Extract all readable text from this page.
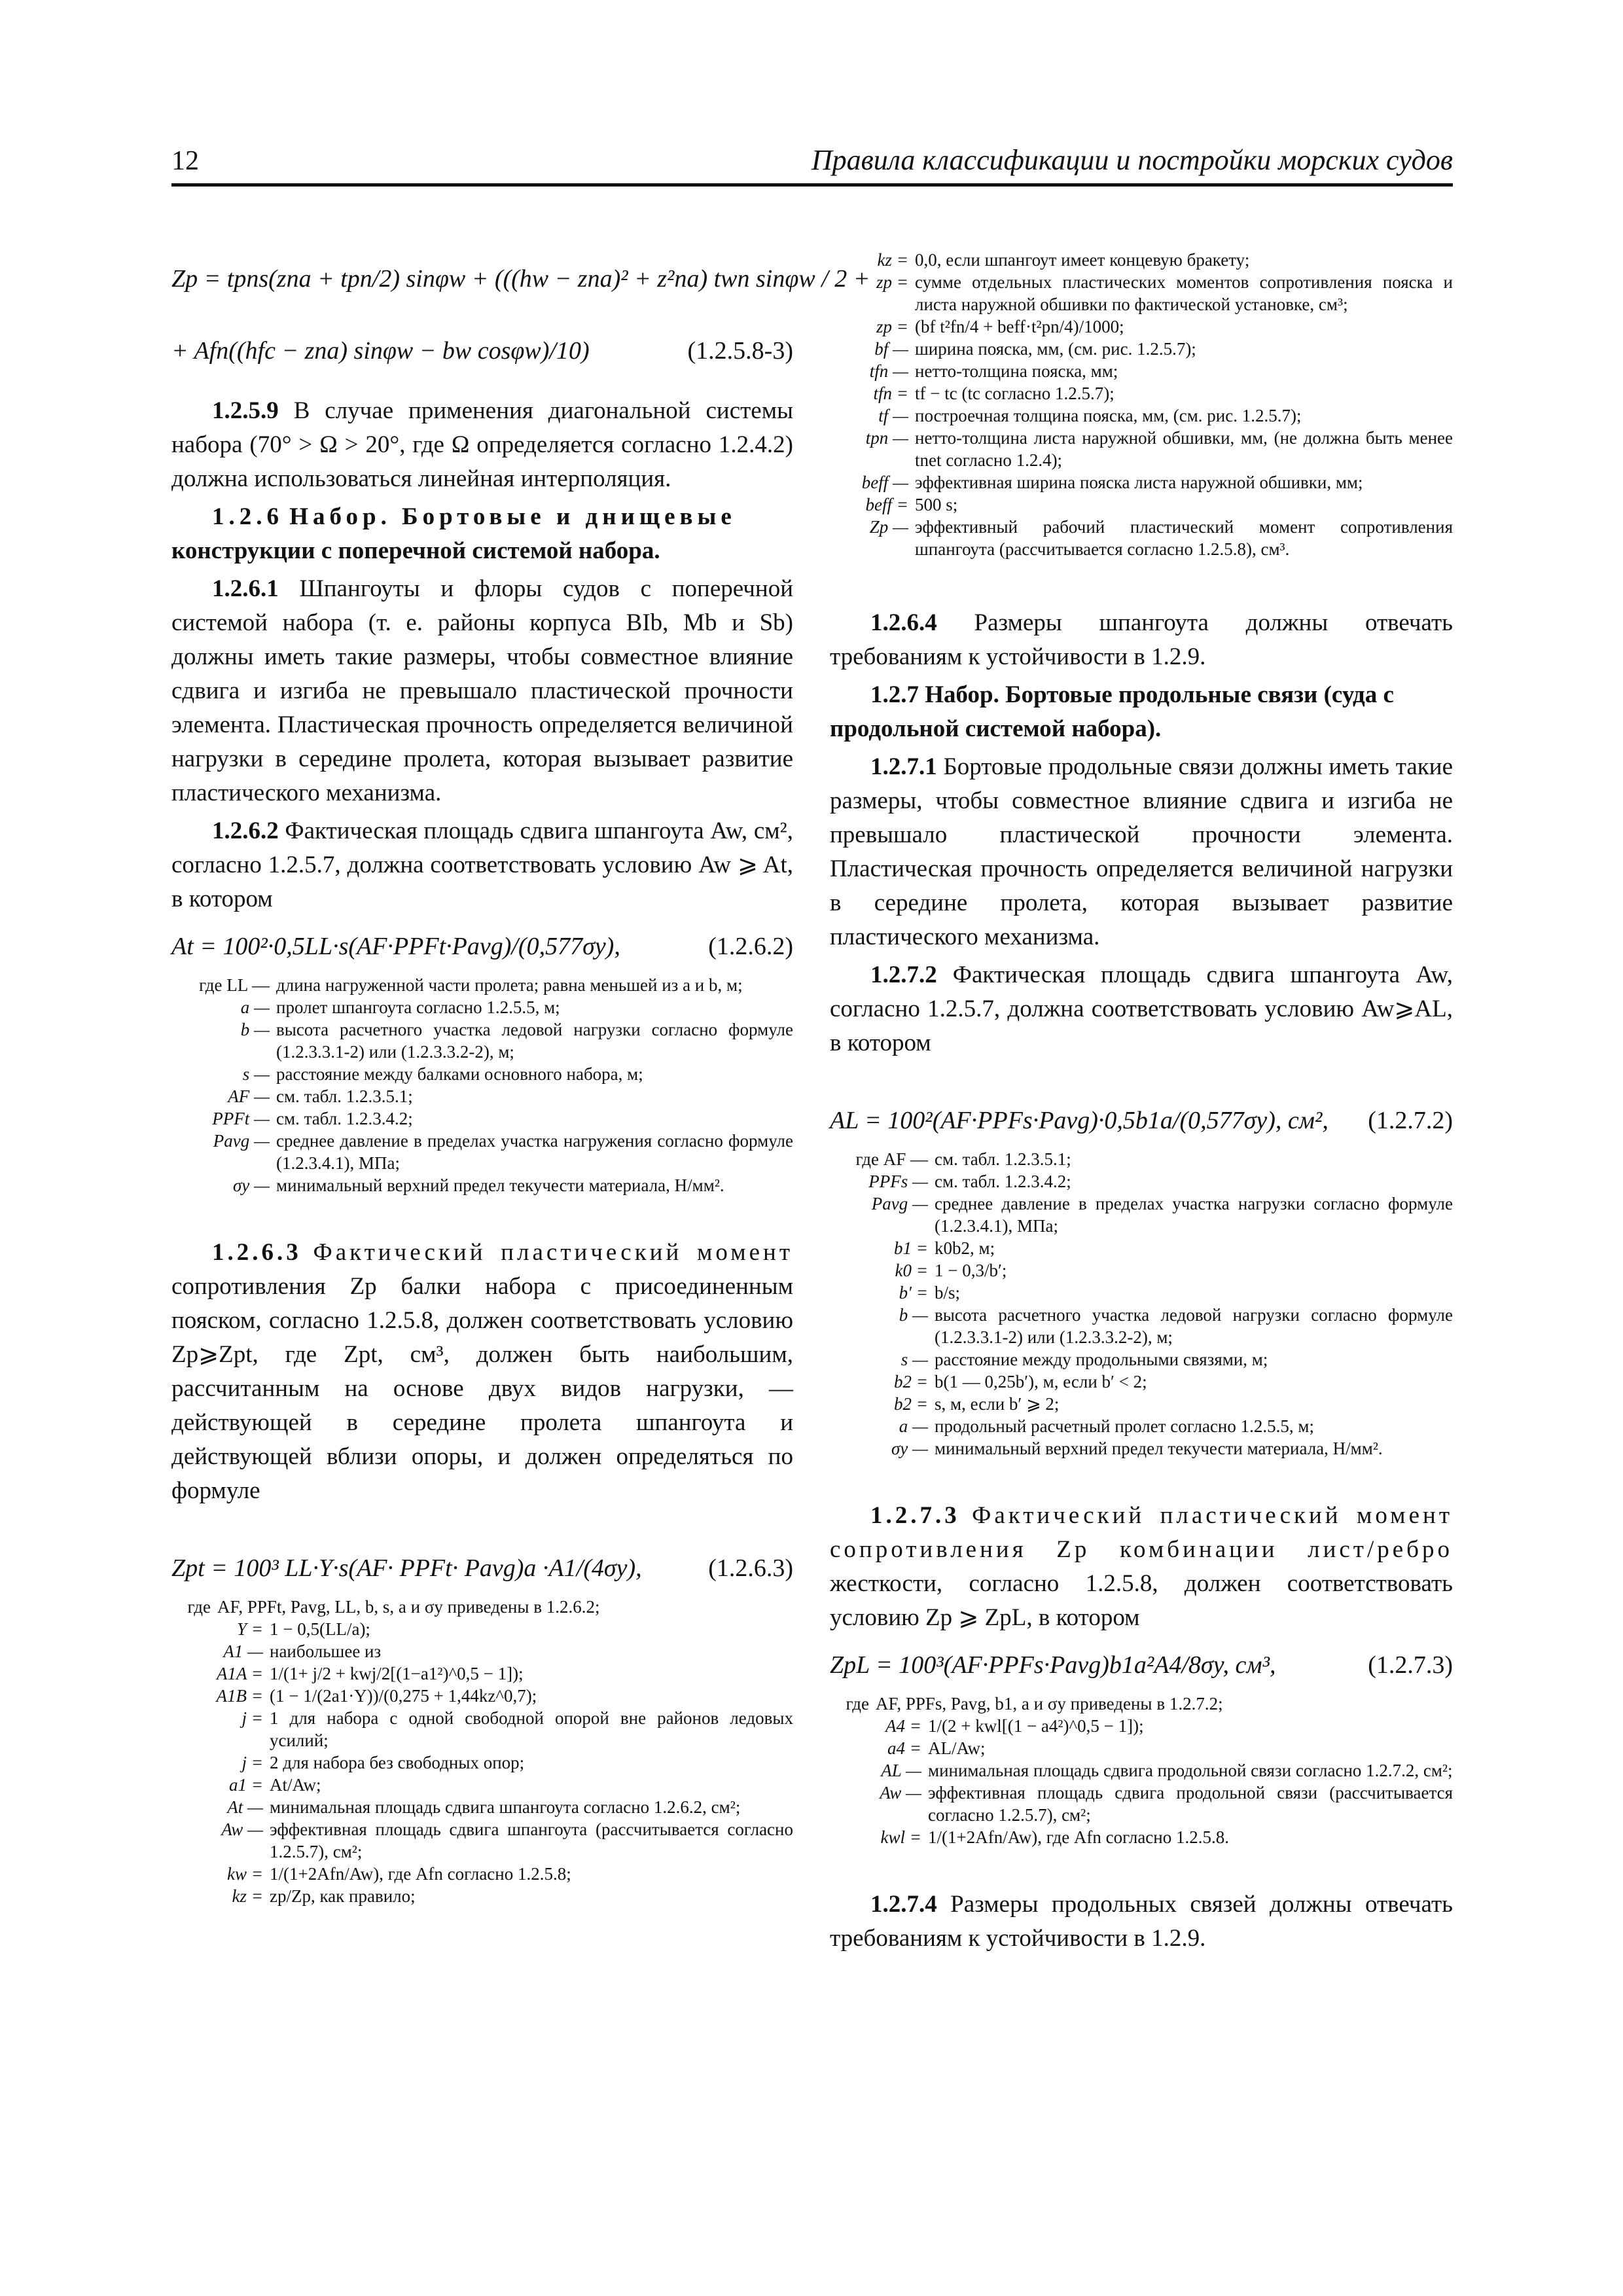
12	Правила классификации и постройки морских судов
Zp = tpns(zna + tpn/2) sinφw + (((hw − zna)² + z²na) twn sinφw / 2 +
+ Afn((hfc − zna) sinφw − bw cosφw)/10)	(1.2.5.8-3)

1.2.5.9 В случае применения диагональной системы набора (70° > Ω > 20°, где Ω определяется согласно 1.2.4.2) должна использоваться линейная интерполяция.

1.2.6 Набор. Бортовые и днищевые конструкции с поперечной системой набора.

1.2.6.1 Шпангоуты и флоры судов с поперечной системой набора (т. е. районы корпуса BIb, Mb и Sb) должны иметь такие размеры, чтобы совместное влияние сдвига и изгиба не превышало пластической прочности элемента. Пластическая прочность определяется величиной нагрузки в середине пролета, которая вызывает развитие пластического механизма.

1.2.6.2 Фактическая площадь сдвига шпангоута Aw, см², согласно 1.2.5.7, должна соответствовать условию Aw ⩾ At, в котором

At = 100²·0,5LL·s(AF·PPFt·Pavg)/(0,577σy),	(1.2.6.2)
где LL — длина нагруженной части пролета; равна меньшей из a и b, м;
a — пролет шпангоута согласно 1.2.5.5, м;
b — высота расчетного участка ледовой нагрузки согласно формуле (1.2.3.3.1-2) или (1.2.3.3.2-2), м;
s — расстояние между балками основного набора, м;
AF — см. табл. 1.2.3.5.1;
PPFt — см. табл. 1.2.3.4.2;
Pavg — среднее давление в пределах участка нагружения согласно формуле (1.2.3.4.1), МПа;
σy — минимальный верхний предел текучести материала, Н/мм².

1.2.6.3 Фактический пластический момент сопротивления Zp балки набора с присоединенным пояском, согласно 1.2.5.8, должен соответствовать условию Zp⩾Zpt, где Zpt, см³, должен быть наибольшим, рассчитанным на основе двух видов нагрузки, — действующей в середине пролета шпангоута и действующей вблизи опоры, и должен определяться по формуле

Zpt = 100³ LL·Y·s(AF· PPFt· Pavg)a ·A1/(4σy),	(1.2.6.3)
где AF, PPFt, Pavg, LL, b, s, a и σy приведены в 1.2.6.2;
Y = 1 − 0,5(LL/a);
A1 — наибольшее из
A1A = 1/(1+ j/2 + kwj/2[(1−a1²)^0,5 − 1]);
A1B = (1 − 1/(2a1·Y))/(0,275 + 1,44kz^0,7);
j = 1 для набора с одной свободной опорой вне районов ледовых усилий;
j = 2 для набора без свободных опор;
a1 = At/Aw;
At — минимальная площадь сдвига шпангоута согласно 1.2.6.2, см²;
Aw — эффективная площадь сдвига шпангоута (рассчитывается согласно 1.2.5.7), см²;
kw = 1/(1+2Afn/Aw), где Afn согласно 1.2.5.8;
kz = zp/Zp, как правило;
kz = 0,0, если шпангоут имеет концевую бракету;
zp = сумме отдельных пластических моментов сопротивления пояска и листа наружной обшивки по фактической установке, см³;
zp = (bf t²fn/4 + beff·t²pn/4)/1000;
bf — ширина пояска, мм, (см. рис. 1.2.5.7);
tfn — нетто-толщина пояска, мм;
tfn = tf − tc (tc согласно 1.2.5.7);
tf — построечная толщина пояска, мм, (см. рис. 1.2.5.7);
tpn — нетто-толщина листа наружной обшивки, мм, (не должна быть менее tnet согласно 1.2.4);
beff — эффективная ширина пояска листа наружной обшивки, мм;
beff = 500 s;
Zp — эффективный рабочий пластический момент сопротивления шпангоута (рассчитывается согласно 1.2.5.8), см³.

1.2.6.4 Размеры шпангоута должны отвечать требованиям к устойчивости в 1.2.9.

1.2.7 Набор. Бортовые продольные связи (суда с продольной системой набора).

1.2.7.1 Бортовые продольные связи должны иметь такие размеры, чтобы совместное влияние сдвига и изгиба не превышало пластической прочности элемента. Пластическая прочность определяется величиной нагрузки в середине пролета, которая вызывает развитие пластического механизма.

1.2.7.2 Фактическая площадь сдвига шпангоута Aw, согласно 1.2.5.7, должна соответствовать условию Aw⩾AL, в котором

AL = 100²(AF·PPFs·Pavg)·0,5b1a/(0,577σy), см², (1.2.7.2)
где AF — см. табл. 1.2.3.5.1;
PPFs — см. табл. 1.2.3.4.2;
Pavg — среднее давление в пределах участка нагрузки согласно формуле (1.2.3.4.1), МПа;
b1 = k0b2, м;
k0 = 1 − 0,3/b′;
b′ = b/s;
b — высота расчетного участка ледовой нагрузки согласно формуле (1.2.3.3.1-2) или (1.2.3.3.2-2), м;
s — расстояние между продольными связями, м;
b2 = b(1 — 0,25b′), м, если b′ < 2;
b2 = s, м, если b′ ⩾ 2;
a — продольный расчетный пролет согласно 1.2.5.5, м;
σy — минимальный верхний предел текучести материала, Н/мм².

1.2.7.3 Фактический пластический момент сопротивления Zp комбинации лист/ребро жесткости, согласно 1.2.5.8, должен соответствовать условию Zp ⩾ ZpL, в котором

ZpL = 100³(AF·PPFs·Pavg)b1a²A4/8σy, см³,	(1.2.7.3)
где AF, PPFs, Pavg, b1, a и σy приведены в 1.2.7.2;
A4 = 1/(2 + kwl[(1 − a4²)^0,5 − 1]);
a4 = AL/Aw;
AL — минимальная площадь сдвига продольной связи согласно 1.2.7.2, см²;
Aw — эффективная площадь сдвига продольной связи (рассчитывается согласно 1.2.5.7), см²;
kwl = 1/(1+2Afn/Aw), где Afn согласно 1.2.5.8.

1.2.7.4 Размеры продольных связей должны отвечать требованиям к устойчивости в 1.2.9.
